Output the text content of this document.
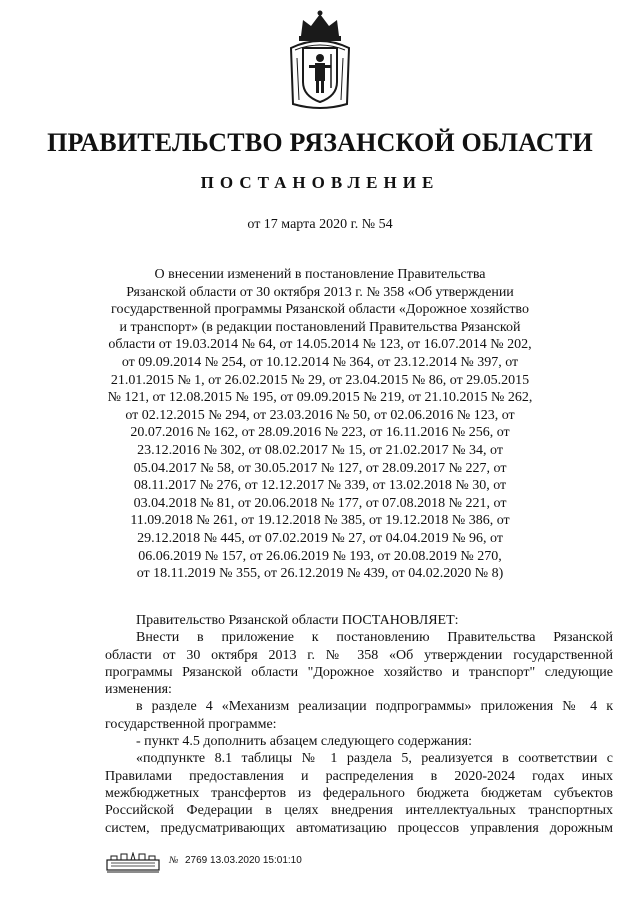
ПРАВИТЕЛЬСТВО РЯЗАНСКОЙ ОБЛАСТИ
ПОСТАНОВЛЕНИЕ
от 17 марта 2020 г. № 54
О внесении изменений в постановление Правительства
Рязанской области от 30 октября 2013 г. № 358 «Об утверждении
государственной программы Рязанской области «Дорожное хозяйство
и транспорт» (в редакции постановлений Правительства Рязанской
области от 19.03.2014 № 64, от 14.05.2014 № 123, от 16.07.2014 № 202,
от 09.09.2014 № 254, от 10.12.2014 № 364, от 23.12.2014 № 397, от
21.01.2015 № 1, от 26.02.2015 № 29, от 23.04.2015 № 86, от 29.05.2015
№ 121, от 12.08.2015 № 195, от 09.09.2015 № 219, от 21.10.2015 № 262,
от 02.12.2015 № 294, от 23.03.2016 № 50, от 02.06.2016 № 123, от
20.07.2016 № 162, от 28.09.2016 № 223, от 16.11.2016 № 256, от
23.12.2016 № 302, от 08.02.2017 № 15, от 21.02.2017 № 34, от
05.04.2017 № 58, от 30.05.2017 № 127, от 28.09.2017 № 227, от
08.11.2017 № 276, от 12.12.2017 № 339, от 13.02.2018 № 30, от
03.04.2018 № 81, от 20.06.2018 № 177, от 07.08.2018 № 221, от
11.09.2018 № 261, от 19.12.2018 № 385, от 19.12.2018 № 386, от
29.12.2018 № 445, от 07.02.2019 № 27, от 04.04.2019 № 96, от
06.06.2019 № 157, от 26.06.2019 № 193, от 20.08.2019 № 270,
от 18.11.2019 № 355, от 26.12.2019 № 439, от 04.02.2020 № 8)
Правительство Рязанской области ПОСТАНОВЛЯЕТ:
Внести в приложение к постановлению Правительства Рязанской
области от 30 октября 2013 г. № 358 «Об утверждении государственной
программы Рязанской области "Дорожное хозяйство и транспорт" следующие
изменения:
в разделе 4 «Механизм реализации подпрограммы» приложения № 4 к
государственной программе:
- пункт 4.5 дополнить абзацем следующего содержания:
«подпункте 8.1 таблицы № 1 раздела 5, реализуется в соответствии с
Правилами предоставления и распределения в 2020-2024 годах иных
межбюджетных трансфертов из федерального бюджета бюджетам субъектов
Российской Федерации в целях внедрения интеллектуальных транспортных
систем, предусматривающих автоматизацию процессов управления дорожным
№ 2769 13.03.2020 15:01:10
